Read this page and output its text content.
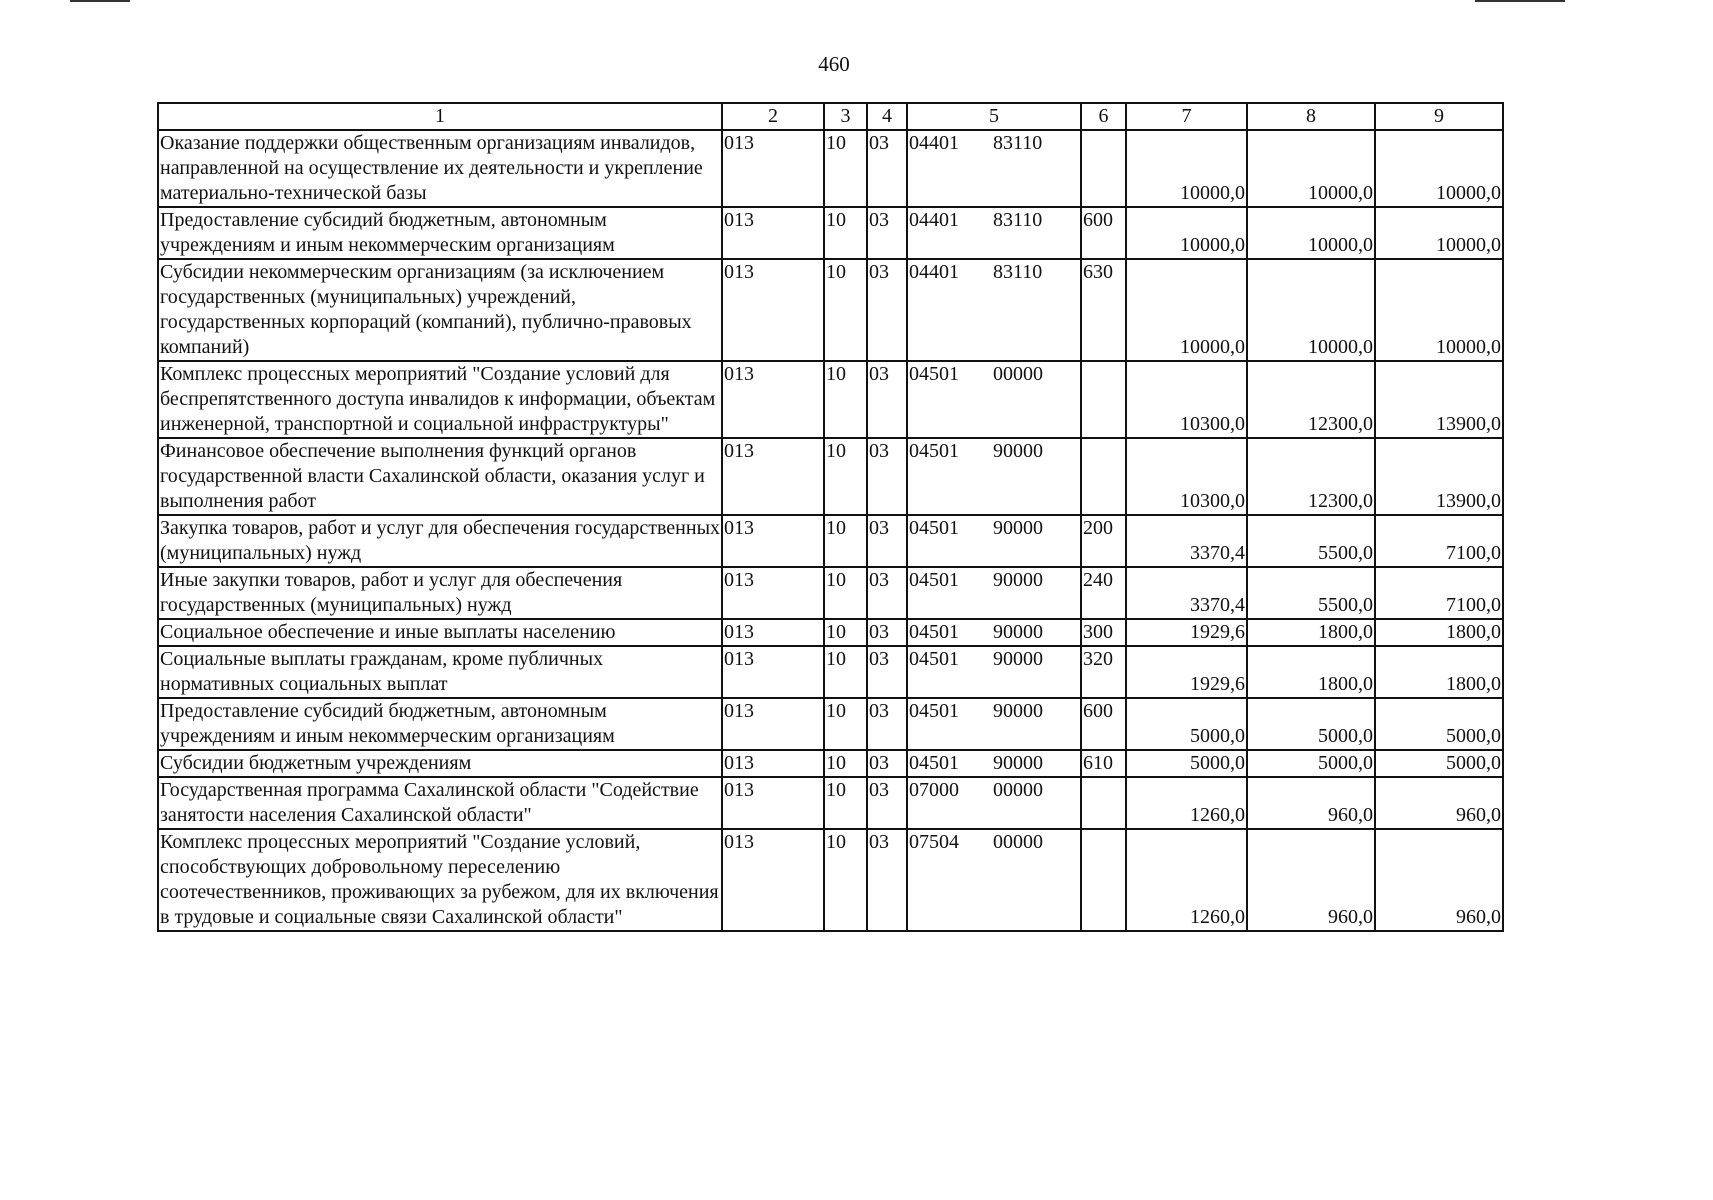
460
1	2	3	4	5	6	7	8	9
Оказание поддержки общественным организациям инвалидов, направленной на осуществление их деятельности и укрепление материально-технической базы	013	10	03	04401 83110		10000,0	10000,0	10000,0
Предоставление субсидий бюджетным, автономным учреждениям и иным некоммерческим организациям	013	10	03	04401 83110	600	10000,0	10000,0	10000,0
Субсидии некоммерческим организациям (за исключением государственных (муниципальных) учреждений, государственных корпораций (компаний), публично-правовых компаний)	013	10	03	04401 83110	630	10000,0	10000,0	10000,0
Комплекс процессных мероприятий "Создание условий для беспрепятственного доступа инвалидов к информации, объектам инженерной, транспортной и социальной инфраструктуры"	013	10	03	04501 00000		10300,0	12300,0	13900,0
Финансовое обеспечение выполнения функций органов государственной власти Сахалинской области, оказания услуг и выполнения работ	013	10	03	04501 90000		10300,0	12300,0	13900,0
Закупка товаров, работ и услуг для обеспечения государственных (муниципальных) нужд	013	10	03	04501 90000	200	3370,4	5500,0	7100,0
Иные закупки товаров, работ и услуг для обеспечения государственных (муниципальных) нужд	013	10	03	04501 90000	240	3370,4	5500,0	7100,0
Социальное обеспечение и иные выплаты населению	013	10	03	04501 90000	300	1929,6	1800,0	1800,0
Социальные выплаты гражданам, кроме публичных нормативных социальных выплат	013	10	03	04501 90000	320	1929,6	1800,0	1800,0
Предоставление субсидий бюджетным, автономным учреждениям и иным некоммерческим организациям	013	10	03	04501 90000	600	5000,0	5000,0	5000,0
Субсидии бюджетным учреждениям	013	10	03	04501 90000	610	5000,0	5000,0	5000,0
Государственная программа Сахалинской области "Содействие занятости населения Сахалинской области"	013	10	03	07000 00000		1260,0	960,0	960,0
Комплекс процессных мероприятий "Создание условий, способствующих добровольному переселению соотечественников, проживающих за рубежом, для их включения в трудовые и социальные связи Сахалинской области"	013	10	03	07504 00000		1260,0	960,0	960,0
